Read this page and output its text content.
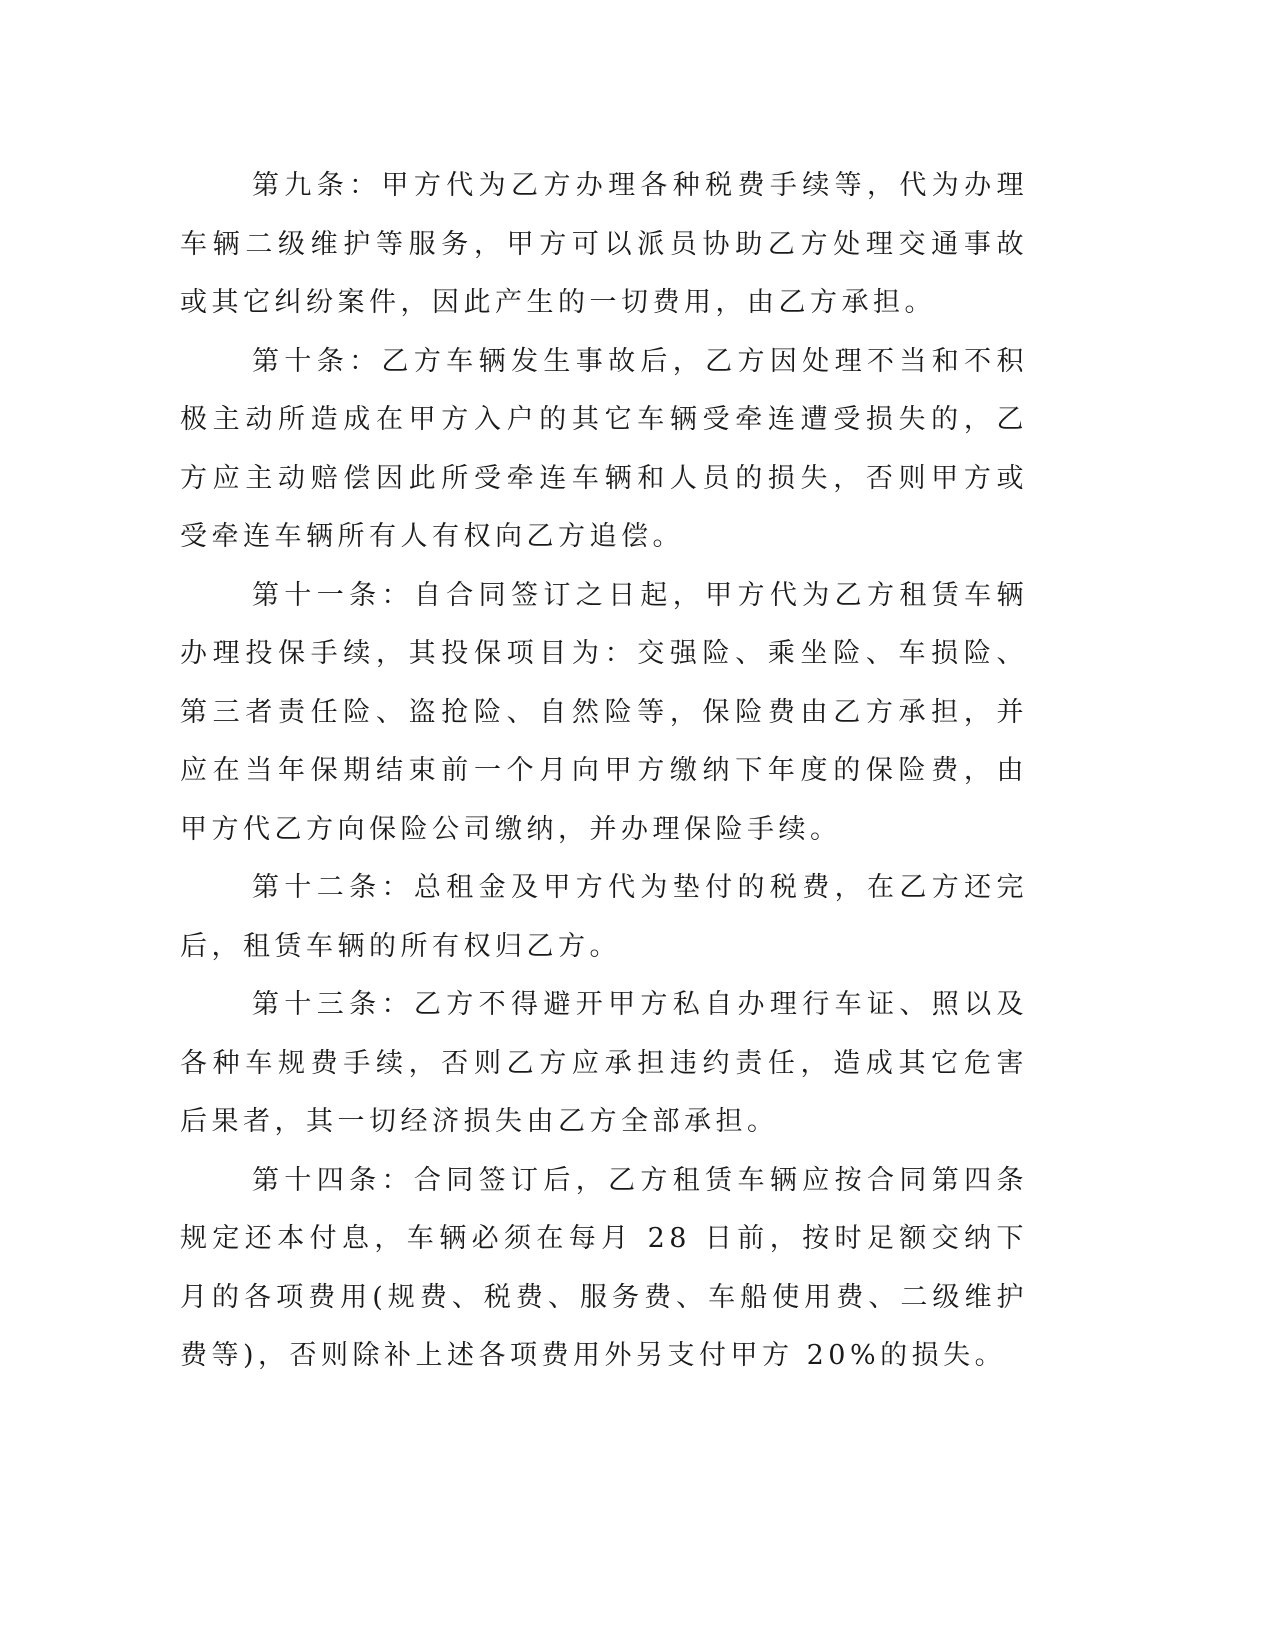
第九条：甲方代为乙方办理各种税费手续等，代为办理车辆二级维护等服务，甲方可以派员协助乙方处理交通事故或其它纠纷案件，因此产生的一切费用，由乙方承担。

第十条：乙方车辆发生事故后，乙方因处理不当和不积极主动所造成在甲方入户的其它车辆受牵连遭受损失的，乙方应主动赔偿因此所受牵连车辆和人员的损失，否则甲方或受牵连车辆所有人有权向乙方追偿。

第十一条：自合同签订之日起，甲方代为乙方租赁车辆办理投保手续，其投保项目为：交强险、乘坐险、车损险、第三者责任险、盗抢险、自然险等，保险费由乙方承担，并应在当年保期结束前一个月向甲方缴纳下年度的保险费，由甲方代乙方向保险公司缴纳，并办理保险手续。

第十二条：总租金及甲方代为垫付的税费，在乙方还完后，租赁车辆的所有权归乙方。

第十三条：乙方不得避开甲方私自办理行车证、照以及各种车规费手续，否则乙方应承担违约责任，造成其它危害后果者，其一切经济损失由乙方全部承担。

第十四条：合同签订后，乙方租赁车辆应按合同第四条规定还本付息，车辆必须在每月 28 日前，按时足额交纳下月的各项费用(规费、税费、服务费、车船使用费、二级维护费等)，否则除补上述各项费用外另支付甲方 20%的损失。
